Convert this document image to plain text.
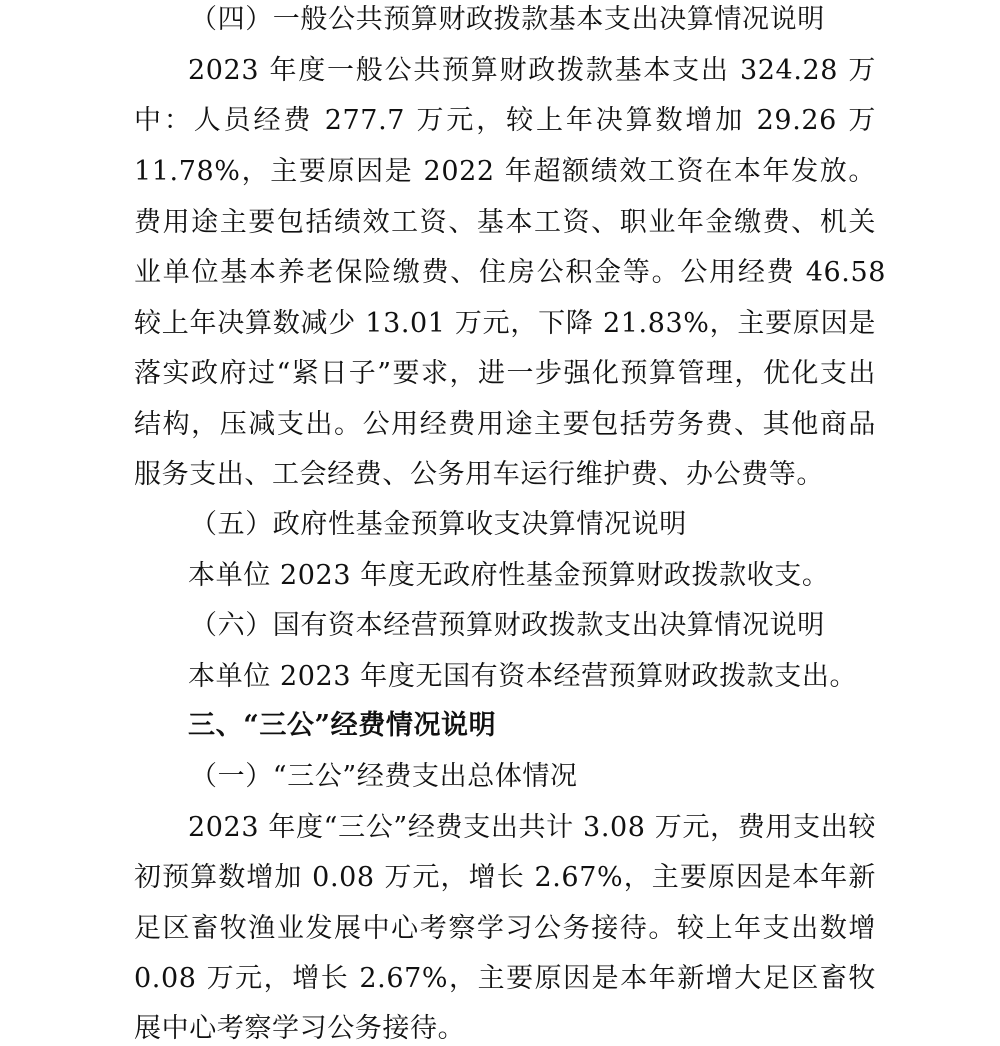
（四）一般公共预算财政拨款基本支出决算情况说明
2023 年度一般公共预算财政拨款基本支出 324.28 万
中：人员经费 277.7 万元，较上年决算数增加 29.26 万
11.78%，主要原因是 2022 年超额绩效工资在本年发放。
费用途主要包括绩效工资、基本工资、职业年金缴费、机关
业单位基本养老保险缴费、住房公积金等。公用经费 46.58
较上年决算数减少 13.01 万元，下降 21.83%，主要原因是
落实政府过“紧日子”要求，进一步强化预算管理，优化支出
结构，压减支出。公用经费用途主要包括劳务费、其他商品
服务支出、工会经费、公务用车运行维护费、办公费等。
（五）政府性基金预算收支决算情况说明
本单位 2023 年度无政府性基金预算财政拨款收支。
（六）国有资本经营预算财政拨款支出决算情况说明
本单位 2023 年度无国有资本经营预算财政拨款支出。
三、“三公”经费情况说明
（一）“三公”经费支出总体情况
2023 年度“三公”经费支出共计 3.08 万元，费用支出较
初预算数增加 0.08 万元，增长 2.67%，主要原因是本年新
足区畜牧渔业发展中心考察学习公务接待。较上年支出数增
0.08 万元，增长 2.67%，主要原因是本年新增大足区畜牧
展中心考察学习公务接待。
